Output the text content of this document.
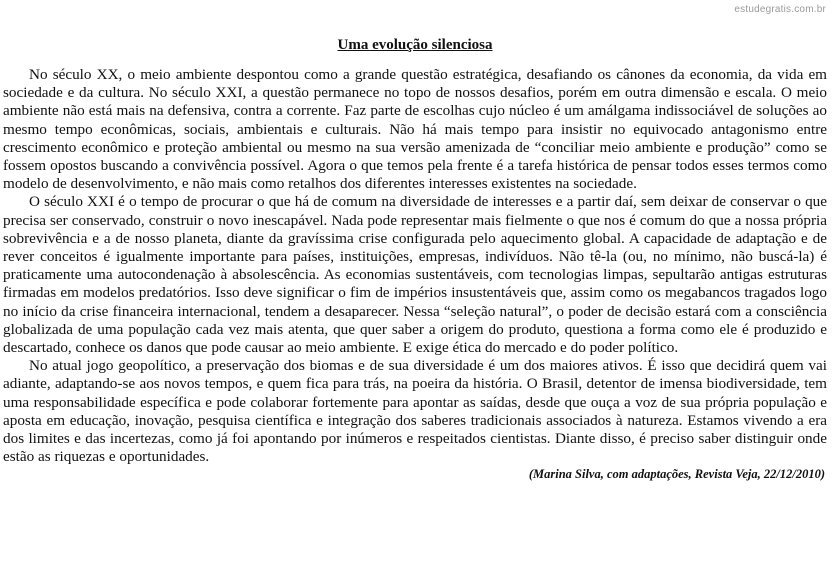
estudegratis.com.br
Uma evolução silenciosa

No século XX, o meio ambiente despontou como a grande questão estratégica, desafiando os cânones da economia, da vida em sociedade e da cultura. No século XXI, a questão permanece no topo de nossos desafios, porém em outra dimensão e escala. O meio ambiente não está mais na defensiva, contra a corrente. Faz parte de escolhas cujo núcleo é um amálgama indissociável de soluções ao mesmo tempo econômicas, sociais, ambientais e culturais. Não há mais tempo para insistir no equivocado antagonismo entre crescimento econômico e proteção ambiental ou mesmo na sua versão amenizada de “conciliar meio ambiente e produção” como se fossem opostos buscando a convivência possível. Agora o que temos pela frente é a tarefa histórica de pensar todos esses termos como modelo de desenvolvimento, e não mais como retalhos dos diferentes interesses existentes na sociedade.

O século XXI é o tempo de procurar o que há de comum na diversidade de interesses e a partir daí, sem deixar de conservar o que precisa ser conservado, construir o novo inescapável. Nada pode representar mais fielmente o que nos é comum do que a nossa própria sobrevivência e a de nosso planeta, diante da gravíssima crise configurada pelo aquecimento global. A capacidade de adaptação e de rever conceitos é igualmente importante para países, instituições, empresas, indivíduos. Não tê-la (ou, no mínimo, não buscá-la) é praticamente uma autocondenação à absolescência. As economias sustentáveis, com tecnologias limpas, sepultarão antigas estruturas firmadas em modelos predatórios. Isso deve significar o fim de impérios insustentáveis que, assim como os megabancos tragados logo no início da crise financeira internacional, tendem a desaparecer. Nessa “seleção natural”, o poder de decisão estará com a consciência globalizada de uma população cada vez mais atenta, que quer saber a origem do produto, questiona a forma como ele é produzido e descartado, conhece os danos que pode causar ao meio ambiente. E exige ética do mercado e do poder político.

No atual jogo geopolítico, a preservação dos biomas e de sua diversidade é um dos maiores ativos. É isso que decidirá quem vai adiante, adaptando-se aos novos tempos, e quem fica para trás, na poeira da história. O Brasil, detentor de imensa biodiversidade, tem uma responsabilidade específica e pode colaborar fortemente para apontar as saídas, desde que ouça a voz de sua própria população e aposta em educação, inovação, pesquisa científica e integração dos saberes tradicionais associados à natureza. Estamos vivendo a era dos limites e das incertezas, como já foi apontando por inúmeros e respeitados cientistas. Diante disso, é preciso saber distinguir onde estão as riquezas e oportunidades.

(Marina Silva, com adaptações, Revista Veja, 22/12/2010)
